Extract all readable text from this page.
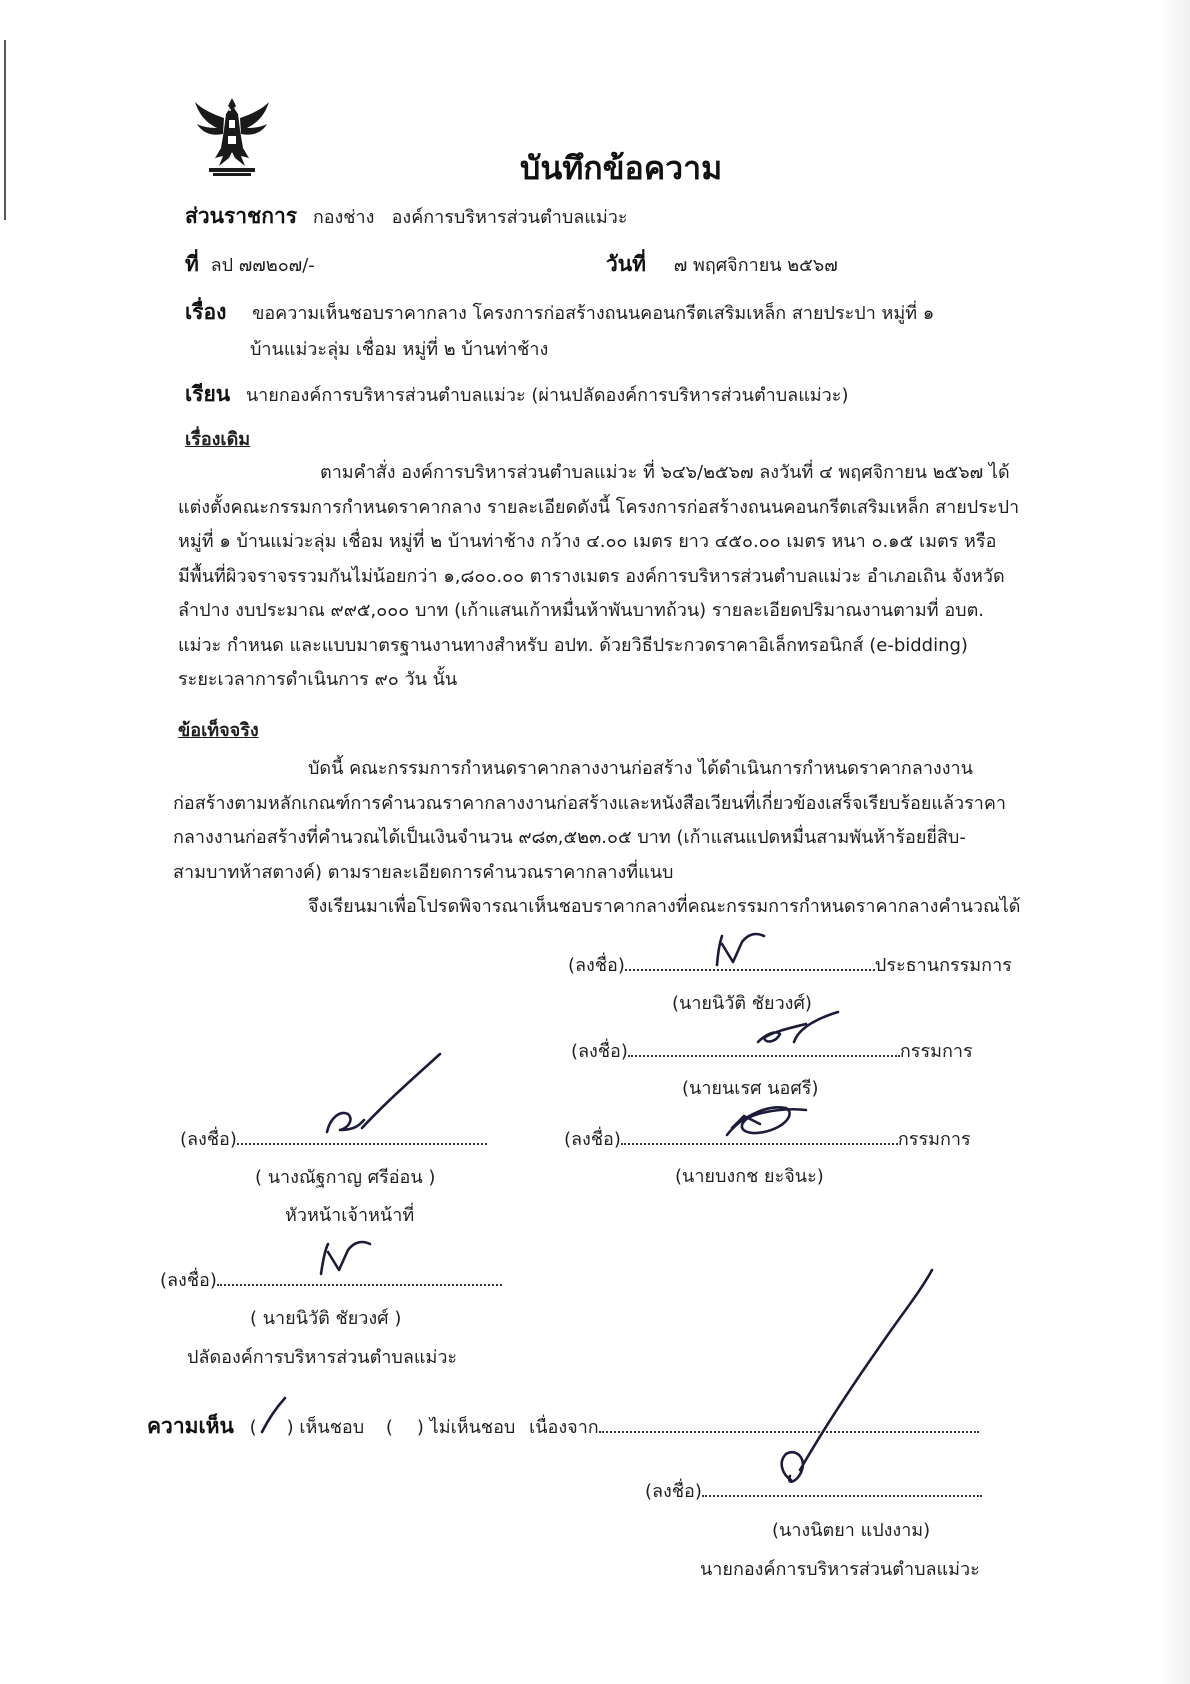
บันทึกข้อความ
ส่วนราชการ กองช่าง   องค์การบริหารส่วนตำบลแม่วะ
ที่ ลป ๗๗๒๐๗/-	วันที่ ๗ พฤศจิกายน ๒๕๖๗
เรื่อง ขอความเห็นชอบราคากลาง โครงการก่อสร้างถนนคอนกรีตเสริมเหล็ก สายประปา หมู่ที่ ๑
บ้านแม่วะลุ่ม เชื่อม หมู่ที่ ๒ บ้านท่าช้าง
เรียน นายกองค์การบริหารส่วนตำบลแม่วะ (ผ่านปลัดองค์การบริหารส่วนตำบลแม่วะ)
เรื่องเดิม
ตามคำสั่ง องค์การบริหารส่วนตำบลแม่วะ ที่ ๖๔๖/๒๕๖๗ ลงวันที่ ๔ พฤศจิกายน ๒๕๖๗ ได้
แต่งตั้งคณะกรรมการกำหนดราคากลาง รายละเอียดดังนี้ โครงการก่อสร้างถนนคอนกรีตเสริมเหล็ก สายประปา
หมู่ที่ ๑ บ้านแม่วะลุ่ม เชื่อม หมู่ที่ ๒ บ้านท่าช้าง กว้าง ๔.๐๐ เมตร ยาว ๔๕๐.๐๐ เมตร หนา ๐.๑๕ เมตร หรือ
มีพื้นที่ผิวจราจรรวมกันไม่น้อยกว่า ๑,๘๐๐.๐๐ ตารางเมตร องค์การบริหารส่วนตำบลแม่วะ อำเภอเถิน จังหวัด
ลำปาง งบประมาณ ๙๙๕,๐๐๐ บาท (เก้าแสนเก้าหมื่นห้าพันบาทถ้วน) รายละเอียดปริมาณงานตามที่ อบต.
แม่วะ กำหนด และแบบมาตรฐานงานทางสำหรับ อปท. ด้วยวิธีประกวดราคาอิเล็กทรอนิกส์ (e-bidding)
ระยะเวลาการดำเนินการ ๙๐ วัน นั้น
ข้อเท็จจริง
บัดนี้ คณะกรรมการกำหนดราคากลางงานก่อสร้าง ได้ดำเนินการกำหนดราคากลางงาน
ก่อสร้างตามหลักเกณฑ์การคำนวณราคากลางงานก่อสร้างและหนังสือเวียนที่เกี่ยวข้องเสร็จเรียบร้อยแล้วราคา
กลางงานก่อสร้างที่คำนวณได้เป็นเงินจำนวน ๙๘๓,๕๒๓.๐๕ บาท (เก้าแสนแปดหมื่นสามพันห้าร้อยยี่สิบ-
สามบาทห้าสตางค์) ตามรายละเอียดการคำนวณราคากลางที่แนบ
จึงเรียนมาเพื่อโปรดพิจารณาเห็นชอบราคากลางที่คณะกรรมการกำหนดราคากลางคำนวณได้
(ลงชื่อ)	ประธานกรรมการ
(นายนิวัติ ชัยวงศ์)
(ลงชื่อ)	กรรมการ
(นายนเรศ นอศรี)
(ลงชื่อ)	กรรมการ
(นายบงกช ยะจินะ)
(ลงชื่อ)
( นางณัฐกาญ ศรีอ่อน )
หัวหน้าเจ้าหน้าที่
(ลงชื่อ)
( นายนิวัติ ชัยวงศ์ )
ปลัดองค์การบริหารส่วนตำบลแม่วะ
ความเห็น ( ) เห็นชอบ ( ) ไม่เห็นชอบ เนื่องจาก
(ลงชื่อ)
(นางนิตยา แปงงาม)
นายกองค์การบริหารส่วนตำบลแม่วะ
